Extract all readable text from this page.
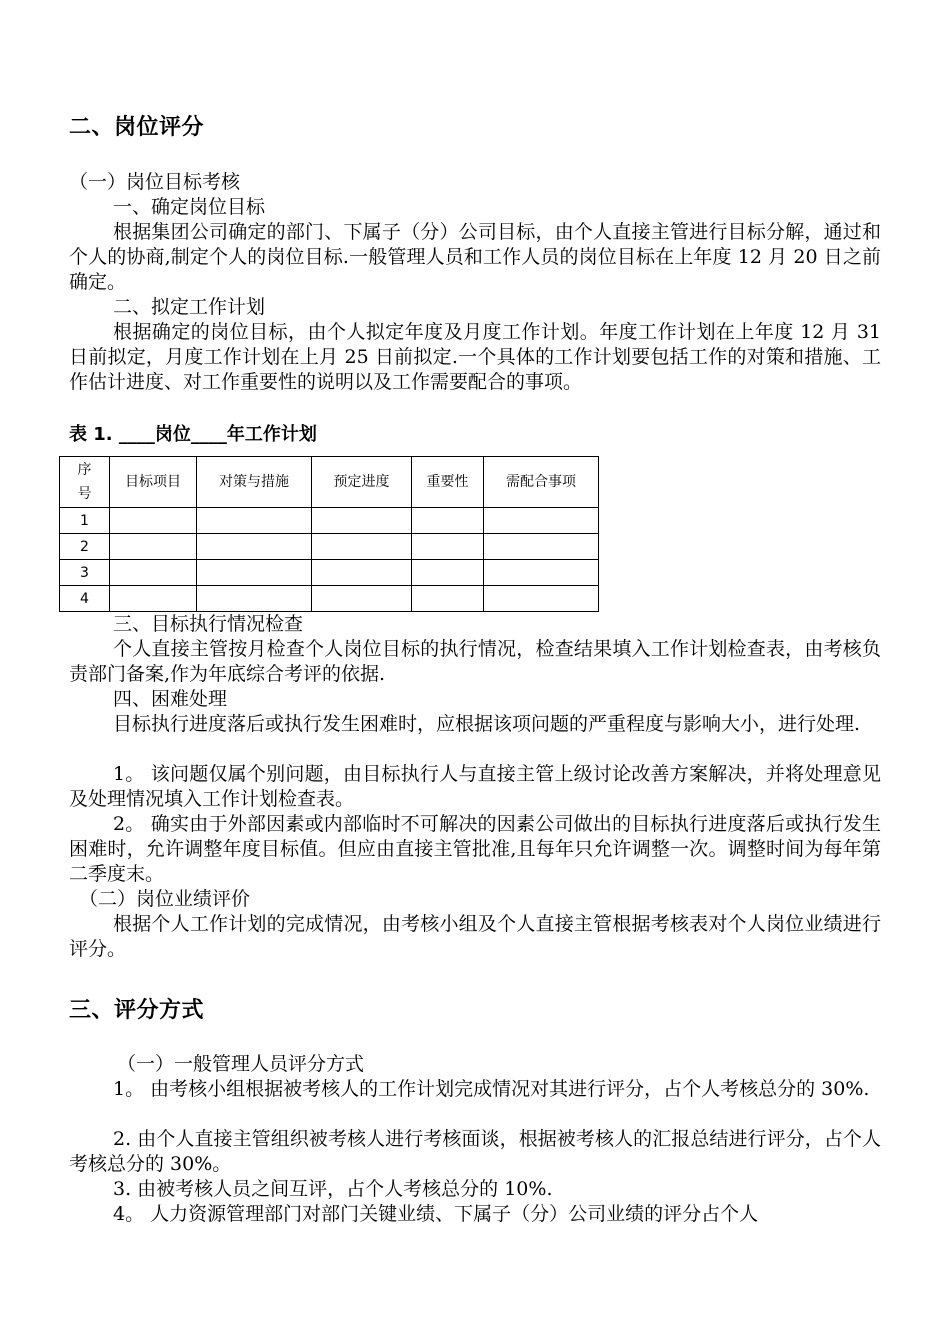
二、岗位评分
（一）岗位目标考核
一、确定岗位目标
根据集团公司确定的部门、下属子（分）公司目标，由个人直接主管进行目标分解，通过和个人的协商,制定个人的岗位目标.一般管理人员和工作人员的岗位目标在上年度 12 月 20 日之前确定。
二、拟定工作计划
根据确定的岗位目标，由个人拟定年度及月度工作计划。年度工作计划在上年度 12 月 31 日前拟定，月度工作计划在上月 25 日前拟定.一个具体的工作计划要包括工作的对策和措施、工作估计进度、对工作重要性的说明以及工作需要配合的事项。
表 1. ____岗位____年工作计划
序号	目标项目	对策与措施	预定进度	重要性	需配合事项
1					
2					
3					
4					
三、目标执行情况检查
个人直接主管按月检查个人岗位目标的执行情况，检查结果填入工作计划检查表，由考核负责部门备案,作为年底综合考评的依据.
四、困难处理
目标执行进度落后或执行发生困难时，应根据该项问题的严重程度与影响大小，进行处理.
1。 该问题仅属个别问题，由目标执行人与直接主管上级讨论改善方案解决，并将处理意见及处理情况填入工作计划检查表。
2。 确实由于外部因素或内部临时不可解决的因素公司做出的目标执行进度落后或执行发生困难时，允许调整年度目标值。但应由直接主管批准,且每年只允许调整一次。调整时间为每年第二季度末。
（二）岗位业绩评价
根据个人工作计划的完成情况，由考核小组及个人直接主管根据考核表对个人岗位业绩进行评分。
三、评分方式
（一）一般管理人员评分方式
1。 由考核小组根据被考核人的工作计划完成情况对其进行评分，占个人考核总分的 30%.
2. 由个人直接主管组织被考核人进行考核面谈，根据被考核人的汇报总结进行评分，占个人考核总分的 30%。
3. 由被考核人员之间互评，占个人考核总分的 10%.
4。 人力资源管理部门对部门关键业绩、下属子（分）公司业绩的评分占个人
